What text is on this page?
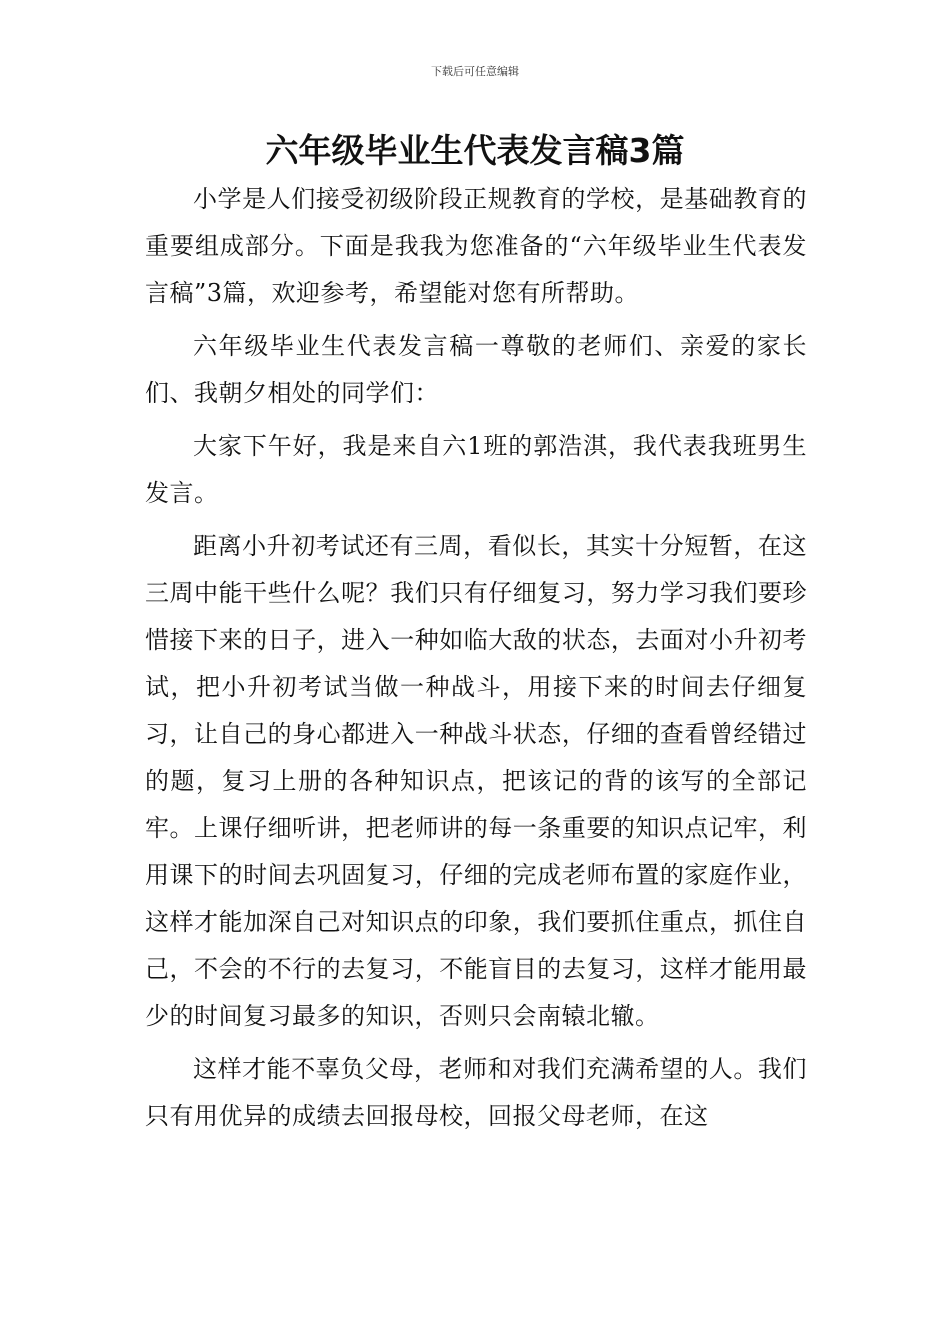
下载后可任意编辑
六年级毕业生代表发言稿3篇

小学是人们接受初级阶段正规教育的学校，是基础教育的重要组成部分。下面是我我为您准备的“六年级毕业生代表发言稿”3篇，欢迎参考，希望能对您有所帮助。

六年级毕业生代表发言稿一尊敬的老师们、亲爱的家长们、我朝夕相处的同学们：

大家下午好，我是来自六1班的郭浩淇，我代表我班男生发言。

距离小升初考试还有三周，看似长，其实十分短暂，在这三周中能干些什么呢？我们只有仔细复习，努力学习我们要珍惜接下来的日子，进入一种如临大敌的状态，去面对小升初考试，把小升初考试当做一种战斗，用接下来的时间去仔细复习，让自己的身心都进入一种战斗状态，仔细的查看曾经错过的题，复习上册的各种知识点，把该记的背的该写的全部记牢。上课仔细听讲，把老师讲的每一条重要的知识点记牢，利用课下的时间去巩固复习，仔细的完成老师布置的家庭作业，这样才能加深自己对知识点的印象，我们要抓住重点，抓住自己，不会的不行的去复习，不能盲目的去复习，这样才能用最少的时间复习最多的知识，否则只会南辕北辙。

这样才能不辜负父母，老师和对我们充满希望的人。我们只有用优异的成绩去回报母校，回报父母老师，在这
